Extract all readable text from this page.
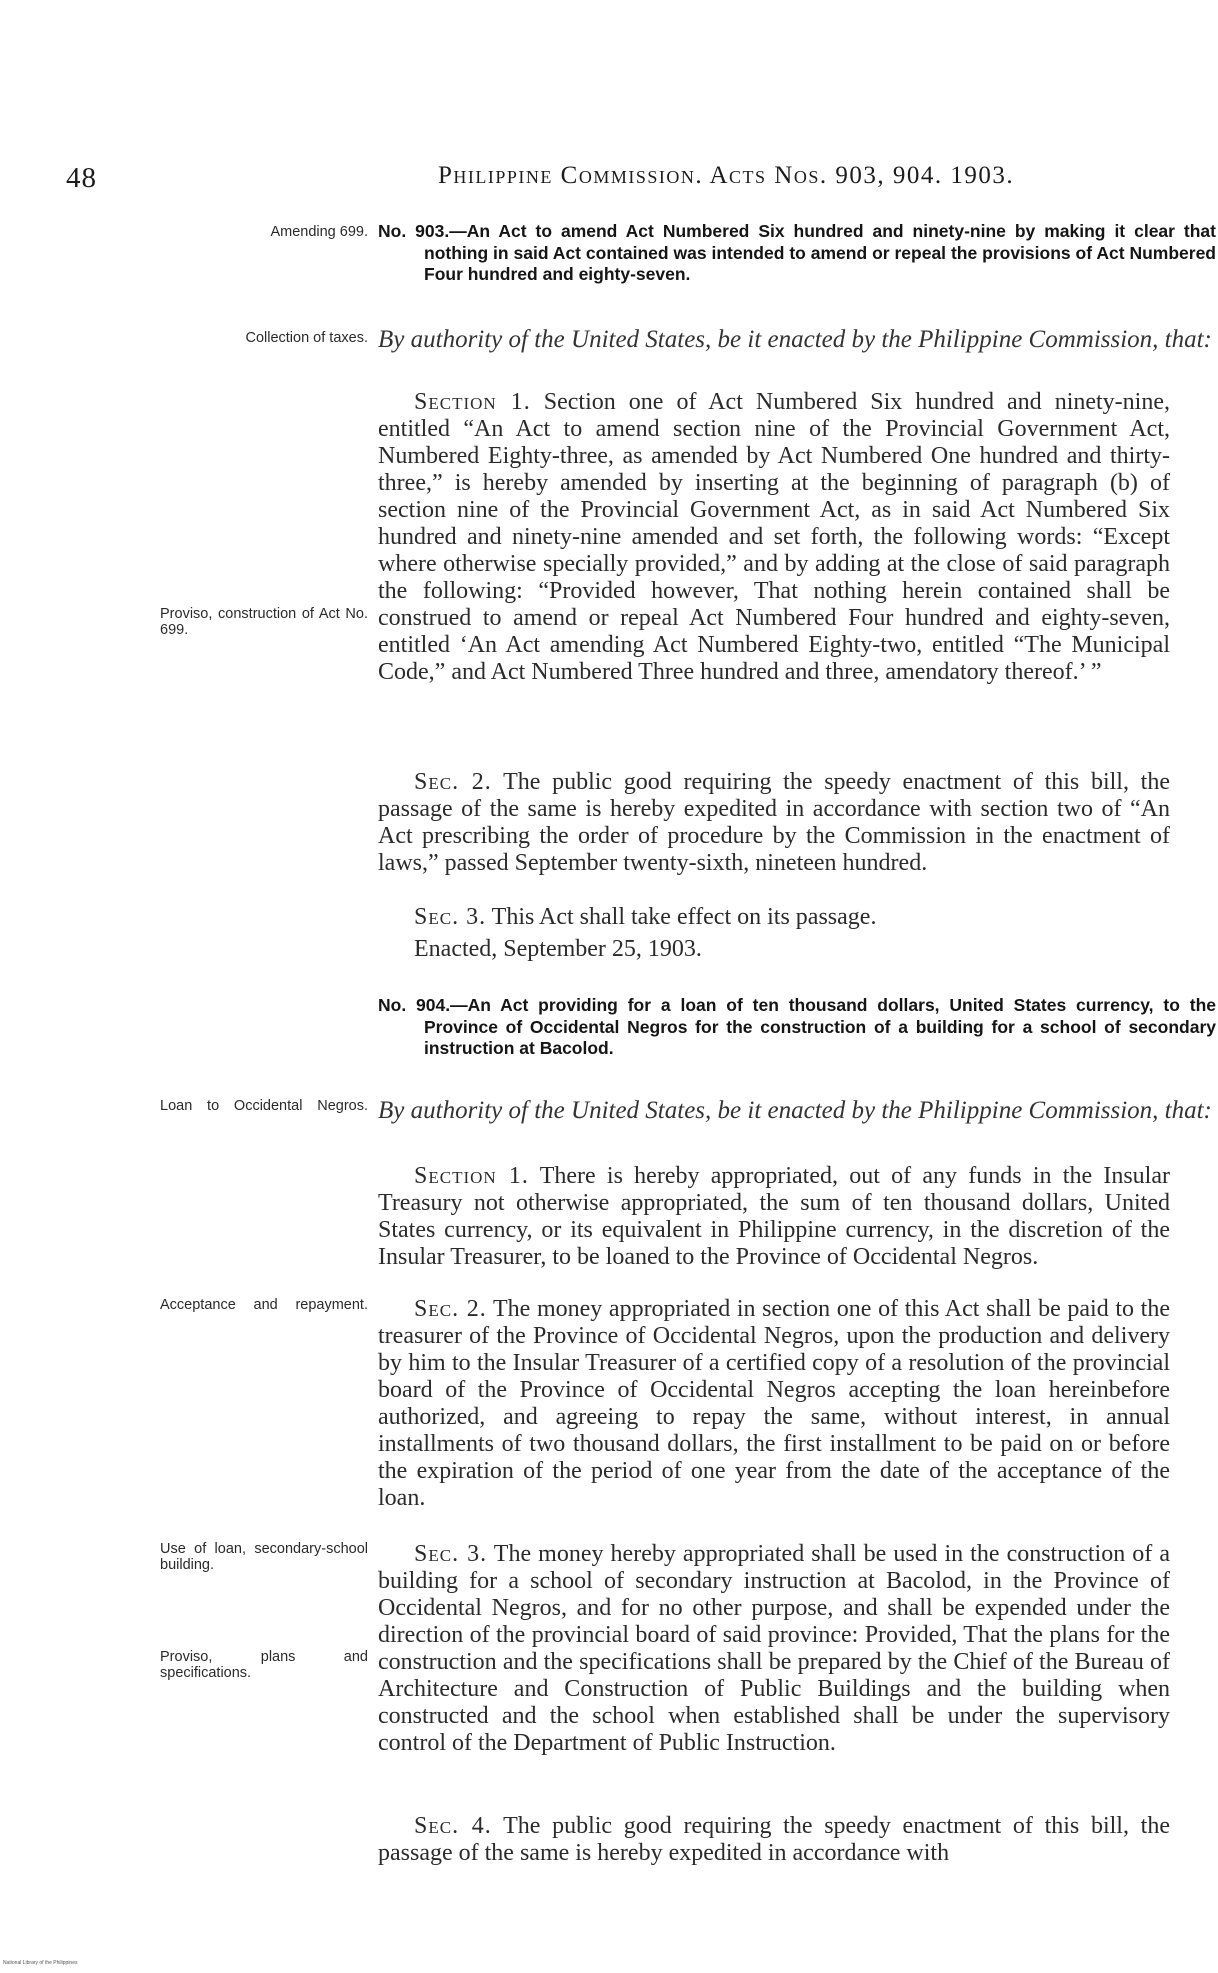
48	Philippine Commission. Acts Nos. 903, 904. 1903.
Amending 699. No. 903.—An Act to amend Act Numbered Six hundred and ninety-nine by making it clear that nothing in said Act contained was intended to amend or repeal the provisions of Act Numbered Four hundred and eighty-seven.
Collection of taxes. By authority of the United States, be it enacted by the Philippine Commission, that:

Section 1. Section one of Act Numbered Six hundred and ninety-nine, entitled “An Act to amend section nine of the Provincial Government Act, Numbered Eighty-three, as amended by Act Numbered One hundred and thirty-three,” is hereby amended by inserting at the beginning of paragraph (b) of section nine of the Provincial Government Act, as in said Act Numbered Six hundred and ninety-nine amended and set forth, the following words: “Except where otherwise specially provided,” and by adding at the close of said paragraph the following: “Provided however, That nothing herein contained shall be construed to amend or repeal Act Numbered Four hundred and eighty-seven, entitled ‘An Act amending Act Numbered Eighty-two, entitled “The Municipal Code,” and Act Numbered Three hundred and three, amendatory thereof.’ ”

Proviso, construction of Act No. 699.

Sec. 2. The public good requiring the speedy enactment of this bill, the passage of the same is hereby expedited in accordance with section two of “An Act prescribing the order of procedure by the Commission in the enactment of laws,” passed September twenty-sixth, nineteen hundred.

Sec. 3. This Act shall take effect on its passage.

Enacted, September 25, 1903.
No. 904.—An Act providing for a loan of ten thousand dollars, United States currency, to the Province of Occidental Negros for the construction of a building for a school of secondary instruction at Bacolod.
Loan to Occidental Negros. By authority of the United States, be it enacted by the Philippine Commission, that:

Section 1. There is hereby appropriated, out of any funds in the Insular Treasury not otherwise appropriated, the sum of ten thousand dollars, United States currency, or its equivalent in Philippine currency, in the discretion of the Insular Treasurer, to be loaned to the Province of Occidental Negros.

Acceptance and repayment.	Sec. 2. The money appropriated in section one of this Act shall be paid to the treasurer of the Province of Occidental Negros, upon the production and delivery by him to the Insular Treasurer of a certified copy of a resolution of the provincial board of the Province of Occidental Negros accepting the loan hereinbefore authorized, and agreeing to repay the same, without interest, in annual installments of two thousand dollars, the first installment to be paid on or before the expiration of the period of one year from the date of the acceptance of the loan.

Use of loan, secondary-school building.	Sec. 3. The money hereby appropriated shall be used in the construction of a building for a school of secondary instruction at Bacolod, in the Province of Occidental Negros, and for no other purpose, and shall be expended under the direction of the provincial board of said province: Provided, That the plans for the construction and the specifications shall be prepared by the Chief of the Bureau of Architecture and Construction of Public Buildings and the building when constructed and the school when established shall be under the supervisory control of the Department of Public Instruction.

Proviso, plans and specifications.

Sec. 4. The public good requiring the speedy enactment of this bill, the passage of the same is hereby expedited in accordance with

National Library of the Philippines
